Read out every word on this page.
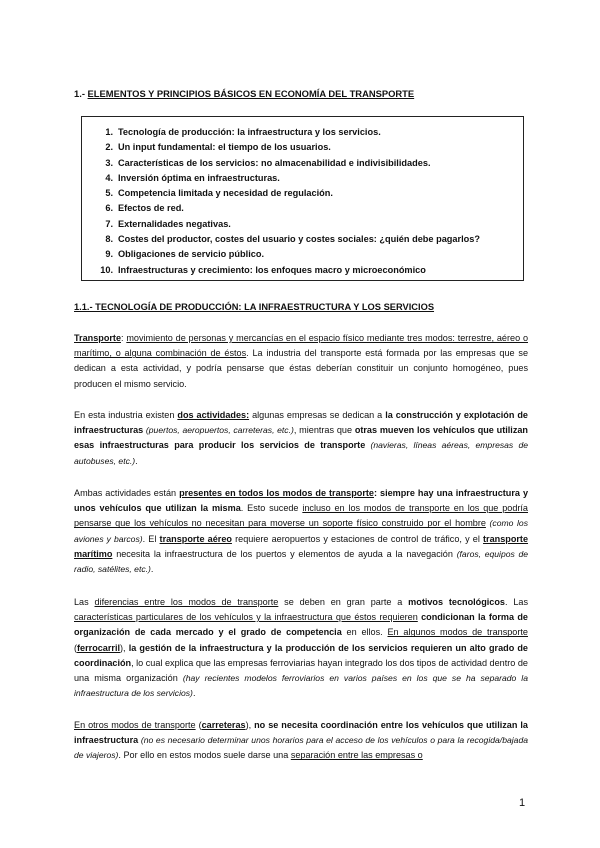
1.- ELEMENTOS Y PRINCIPIOS BÁSICOS EN ECONOMÍA DEL TRANSPORTE
1. Tecnología de producción: la infraestructura y los servicios.
2. Un input fundamental: el tiempo de los usuarios.
3. Características de los servicios: no almacenabilidad e indivisibilidades.
4. Inversión óptima en infraestructuras.
5. Competencia limitada y necesidad de regulación.
6. Efectos de red.
7. Externalidades negativas.
8. Costes del productor, costes del usuario y costes sociales: ¿quién debe pagarlos?
9. Obligaciones de servicio público.
10. Infraestructuras y crecimiento: los enfoques macro y microeconómico
1.1.- TECNOLOGÍA DE PRODUCCIÓN: LA INFRAESTRUCTURA Y LOS SERVICIOS

Transporte: movimiento de personas y mercancías en el espacio físico mediante tres modos: terrestre, aéreo o marítimo, o alguna combinación de éstos. La industria del transporte está formada por las empresas que se dedican a esta actividad, y podría pensarse que éstas deberían constituir un conjunto homogéneo, pues producen el mismo servicio.

En esta industria existen dos actividades: algunas empresas se dedican a la construcción y explotación de infraestructuras (puertos, aeropuertos, carreteras, etc.), mientras que otras mueven los vehículos que utilizan esas infraestructuras para producir los servicios de transporte (navieras, líneas aéreas, empresas de autobuses, etc.).

Ambas actividades están presentes en todos los modos de transporte: siempre hay una infraestructura y unos vehículos que utilizan la misma. Esto sucede incluso en los modos de transporte en los que podría pensarse que los vehículos no necesitan para moverse un soporte físico construido por el hombre (como los aviones y barcos). El transporte aéreo requiere aeropuertos y estaciones de control de tráfico, y el transporte marítimo necesita la infraestructura de los puertos y elementos de ayuda a la navegación (faros, equipos de radio, satélites, etc.).

Las diferencias entre los modos de transporte se deben en gran parte a motivos tecnológicos. Las características particulares de los vehículos y la infraestructura que éstos requieren condicionan la forma de organización de cada mercado y el grado de competencia en ellos. En algunos modos de transporte (ferrocarril), la gestión de la infraestructura y la producción de los servicios requieren un alto grado de coordinación, lo cual explica que las empresas ferroviarias hayan integrado los dos tipos de actividad dentro de una misma organización (hay recientes modelos ferroviarios en varios países en los que se ha separado la infraestructura de los servicios).

En otros modos de transporte (carreteras), no se necesita coordinación entre los vehículos que utilizan la infraestructura (no es necesario determinar unos horarios para el acceso de los vehículos o para la recogida/bajada de viajeros). Por ello en estos modos suele darse una separación entre las empresas o

1
